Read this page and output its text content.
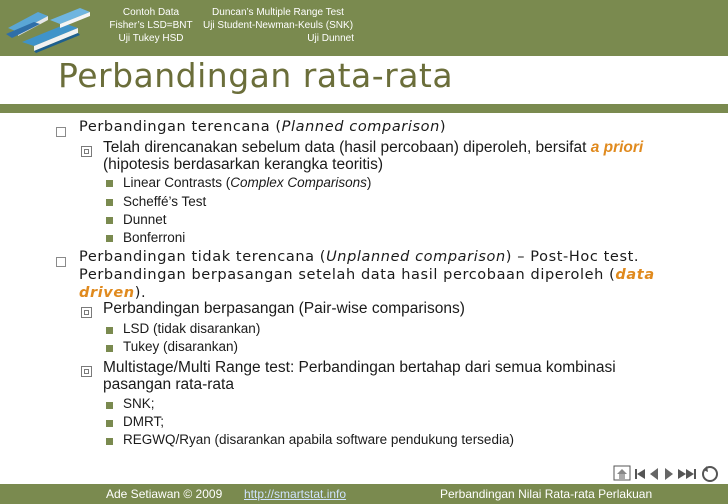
Contoh Data
Fisher’s LSD=BNT
Uji Tukey HSD
Duncan’s Multiple Range Test
Uji Student-Newman-Keuls (SNK)
Uji Dunnet
Perbandingan rata-rata
Perbandingan terencana (Planned comparison)
Telah direncanakan sebelum data (hasil percobaan) diperoleh, bersifat a priori
(hipotesis berdasarkan kerangka teoritis)
Linear Contrasts (Complex Comparisons)
Scheffé’s Test
Dunnet
Bonferroni
Perbandingan tidak terencana (Unplanned comparison) – Post-Hoc test.
Perbandingan berpasangan setelah data hasil percobaan diperoleh (data
driven).
Perbandingan berpasangan (Pair-wise comparisons)
LSD (tidak disarankan)
Tukey (disarankan)
Multistage/Multi Range test: Perbandingan bertahap dari semua kombinasi
pasangan rata-rata
SNK;
DMRT;
REGWQ/Ryan (disarankan apabila software pendukung tersedia)
Ade Setiawan © 2009 http://smartstat.info	Perbandingan Nilai Rata-rata Perlakuan
